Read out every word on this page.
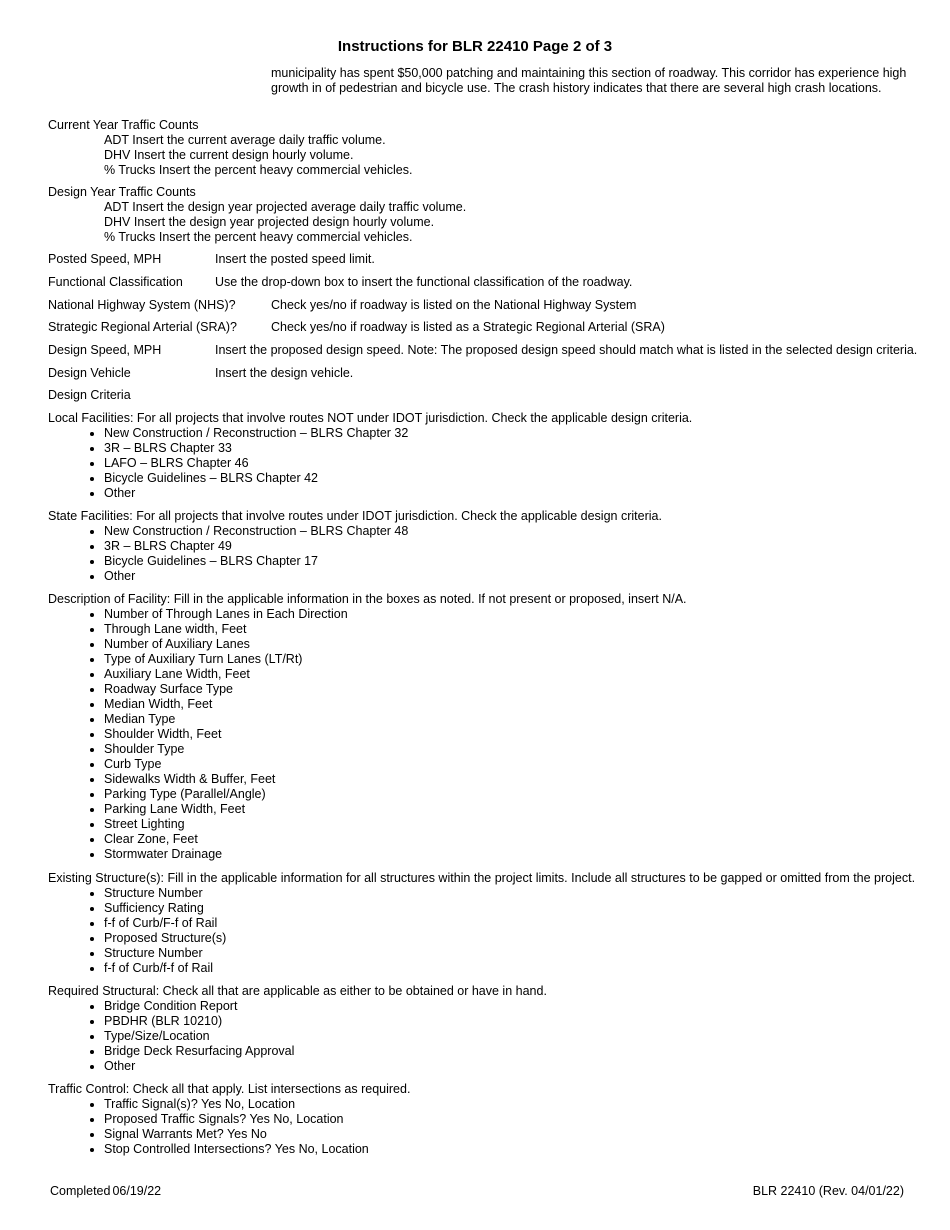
Instructions for BLR 22410 Page 2 of 3
municipality has spent $50,000 patching and maintaining this section of roadway. This corridor has experience high
growth in of pedestrian and bicycle use. The crash history indicates that there are several high crash locations.
Current Year Traffic Counts
ADT Insert the current average daily traffic volume.
DHV Insert the current design hourly volume.
% Trucks Insert the percent heavy commercial vehicles.
Design Year Traffic Counts
ADT Insert the design year projected average daily traffic volume.
DHV Insert the design year projected design hourly volume.
% Trucks Insert the percent heavy commercial vehicles.
Posted Speed, MPH	Insert the posted speed limit.
Functional Classification	Use the drop-down box to insert the functional classification of the roadway.
National Highway System (NHS)?	Check yes/no if roadway is listed on the National Highway System
Strategic Regional Arterial (SRA)?	Check yes/no if roadway is listed as a Strategic Regional Arterial (SRA)
Design Speed, MPH	Insert the proposed design speed. Note: The proposed design speed should match what is listed in the selected design criteria.
Design Vehicle	Insert the design vehicle.
Design Criteria
Local Facilities: For all projects that involve routes NOT under IDOT jurisdiction. Check the applicable design criteria.
New Construction / Reconstruction – BLRS Chapter 32
3R – BLRS Chapter 33
LAFO – BLRS Chapter 46
Bicycle Guidelines – BLRS Chapter 42
Other
State Facilities: For all projects that involve routes under IDOT jurisdiction. Check the applicable design criteria.
New Construction / Reconstruction – BLRS Chapter 48
3R – BLRS Chapter 49
Bicycle Guidelines – BLRS Chapter 17
Other
Description of Facility: Fill in the applicable information in the boxes as noted. If not present or proposed, insert N/A.
Number of Through Lanes in Each Direction
Through Lane width, Feet
Number of Auxiliary Lanes
Type of Auxiliary Turn Lanes (LT/Rt)
Auxiliary Lane Width, Feet
Roadway Surface Type
Median Width, Feet
Median Type
Shoulder Width, Feet
Shoulder Type
Curb Type
Sidewalks Width & Buffer, Feet
Parking Type (Parallel/Angle)
Parking Lane Width, Feet
Street Lighting
Clear Zone, Feet
Stormwater Drainage
Existing Structure(s): Fill in the applicable information for all structures within the project limits. Include all structures to be gapped or omitted from the project.
Structure Number
Sufficiency Rating
f-f of Curb/F-f of Rail
Proposed Structure(s)
Structure Number
f-f of Curb/f-f of Rail
Required Structural: Check all that are applicable as either to be obtained or have in hand.
Bridge Condition Report
PBDHR (BLR 10210)
Type/Size/Location
Bridge Deck Resurfacing Approval
Other
Traffic Control: Check all that apply. List intersections as required.
Traffic Signal(s)? Yes No, Location
Proposed Traffic Signals? Yes No, Location
Signal Warrants Met? Yes No
Stop Controlled Intersections? Yes No, Location
Completed 06/19/22	BLR 22410 (Rev. 04/01/22)
